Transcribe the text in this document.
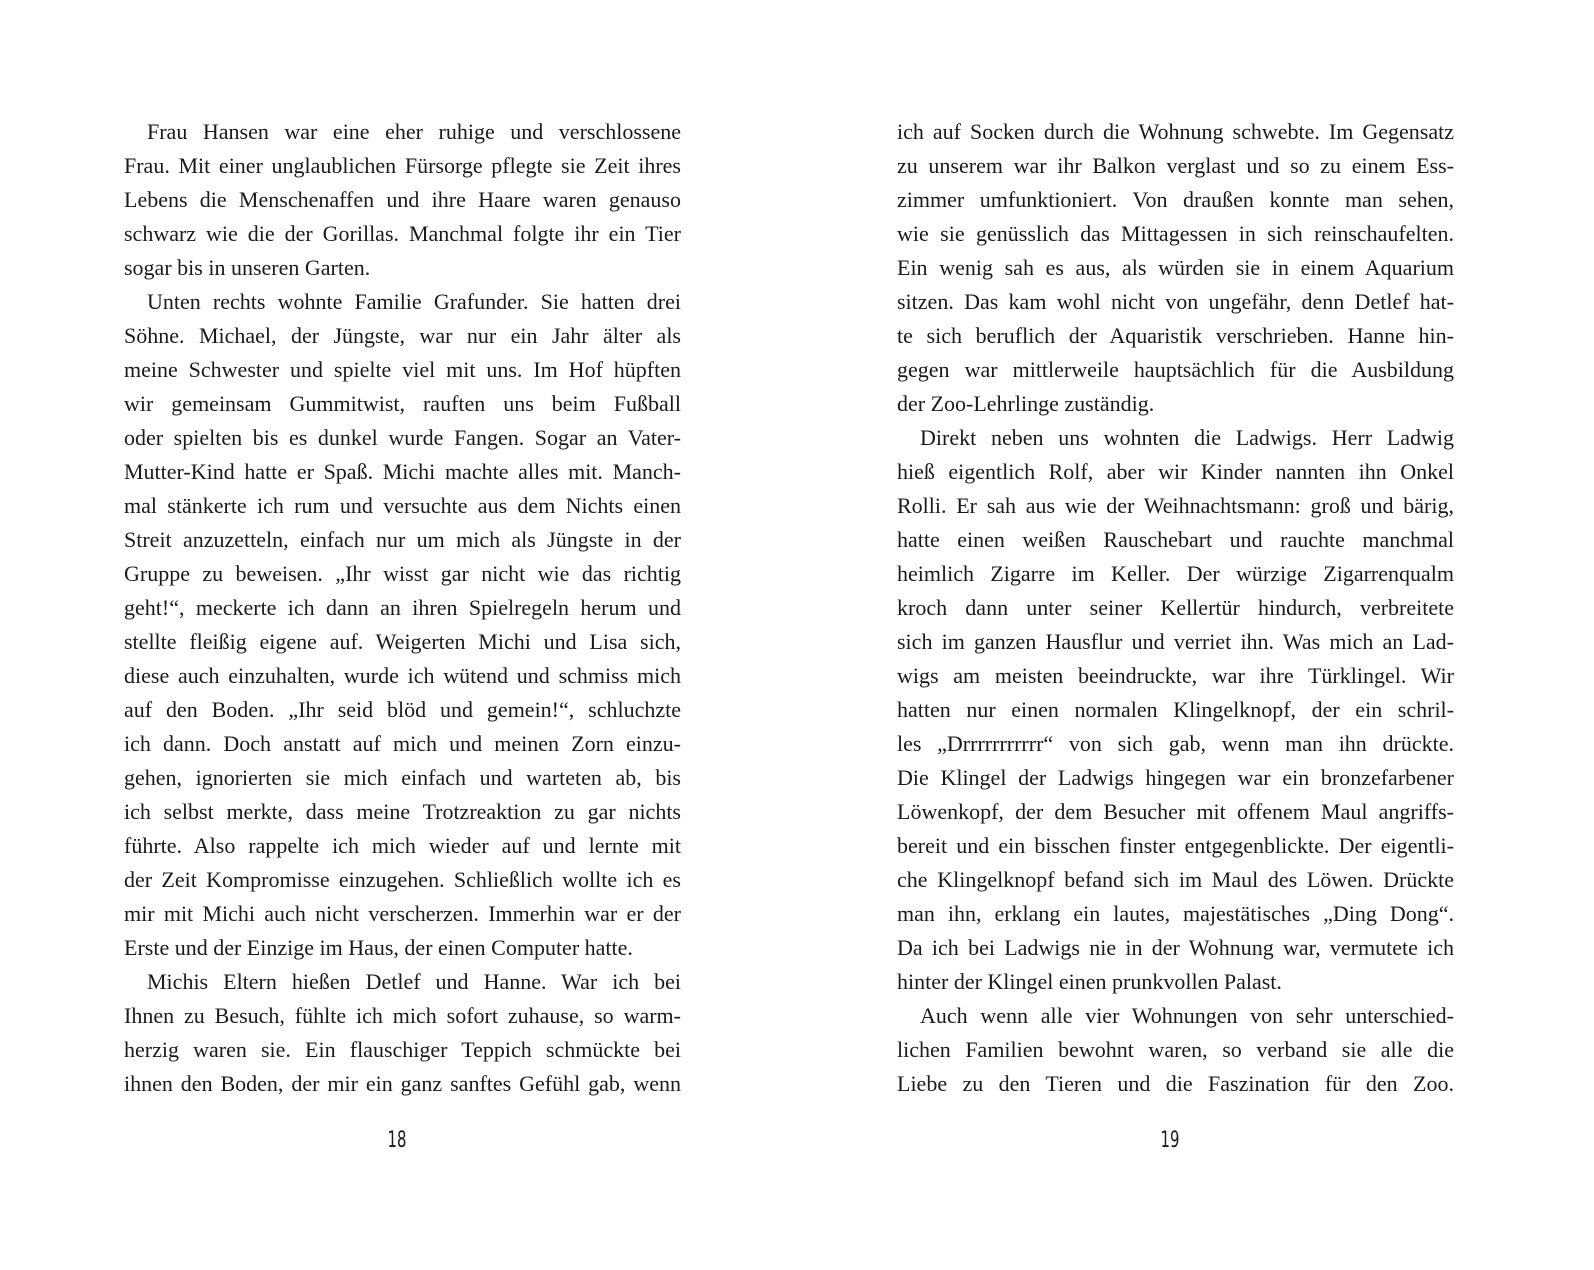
Frau Hansen war eine eher ruhige und verschlossene
Frau. Mit einer unglaublichen Fürsorge pflegte sie Zeit ihres
Lebens die Menschenaffen und ihre Haare waren genauso
schwarz wie die der Gorillas. Manchmal folgte ihr ein Tier
sogar bis in unseren Garten.
Unten rechts wohnte Familie Grafunder. Sie hatten drei
Söhne. Michael, der Jüngste, war nur ein Jahr älter als
meine Schwester und spielte viel mit uns. Im Hof hüpften
wir gemeinsam Gummitwist, rauften uns beim Fußball
oder spielten bis es dunkel wurde Fangen. Sogar an Vater-
Mutter-Kind hatte er Spaß. Michi machte alles mit. Manch-
mal stänkerte ich rum und versuchte aus dem Nichts einen
Streit anzuzetteln, einfach nur um mich als Jüngste in der
Gruppe zu beweisen. „Ihr wisst gar nicht wie das richtig
geht!“, meckerte ich dann an ihren Spielregeln herum und
stellte fleißig eigene auf. Weigerten Michi und Lisa sich,
diese auch einzuhalten, wurde ich wütend und schmiss mich
auf den Boden. „Ihr seid blöd und gemein!“, schluchzte
ich dann. Doch anstatt auf mich und meinen Zorn einzu-
gehen, ignorierten sie mich einfach und warteten ab, bis
ich selbst merkte, dass meine Trotzreaktion zu gar nichts
führte. Also rappelte ich mich wieder auf und lernte mit
der Zeit Kompromisse einzugehen. Schließlich wollte ich es
mir mit Michi auch nicht verscherzen. Immerhin war er der
Erste und der Einzige im Haus, der einen Computer hatte.
Michis Eltern hießen Detlef und Hanne. War ich bei
Ihnen zu Besuch, fühlte ich mich sofort zuhause, so warm-
herzig waren sie. Ein flauschiger Teppich schmückte bei
ihnen den Boden, der mir ein ganz sanftes Gefühl gab, wenn
18
ich auf Socken durch die Wohnung schwebte. Im Gegensatz
zu unserem war ihr Balkon verglast und so zu einem Ess-
zimmer umfunktioniert. Von draußen konnte man sehen,
wie sie genüsslich das Mittagessen in sich reinschaufelten.
Ein wenig sah es aus, als würden sie in einem Aquarium
sitzen. Das kam wohl nicht von ungefähr, denn Detlef hat-
te sich beruflich der Aquaristik verschrieben. Hanne hin-
gegen war mittlerweile hauptsächlich für die Ausbildung
der Zoo-Lehrlinge zuständig.
Direkt neben uns wohnten die Ladwigs. Herr Ladwig
hieß eigentlich Rolf, aber wir Kinder nannten ihn Onkel
Rolli. Er sah aus wie der Weihnachtsmann: groß und bärig,
hatte einen weißen Rauschebart und rauchte manchmal
heimlich Zigarre im Keller. Der würzige Zigarrenqualm
kroch dann unter seiner Kellertür hindurch, verbreitete
sich im ganzen Hausflur und verriet ihn. Was mich an Lad-
wigs am meisten beeindruckte, war ihre Türklingel. Wir
hatten nur einen normalen Klingelknopf, der ein schril-
les „Drrrrrrrrrrr“ von sich gab, wenn man ihn drückte.
Die Klingel der Ladwigs hingegen war ein bronzefarbener
Löwenkopf, der dem Besucher mit offenem Maul angriffs-
bereit und ein bisschen finster entgegenblickte. Der eigentli-
che Klingelknopf befand sich im Maul des Löwen. Drückte
man ihn, erklang ein lautes, majestätisches „Ding Dong“.
Da ich bei Ladwigs nie in der Wohnung war, vermutete ich
hinter der Klingel einen prunkvollen Palast.
Auch wenn alle vier Wohnungen von sehr unterschied-
lichen Familien bewohnt waren, so verband sie alle die
Liebe zu den Tieren und die Faszination für den Zoo.
19
